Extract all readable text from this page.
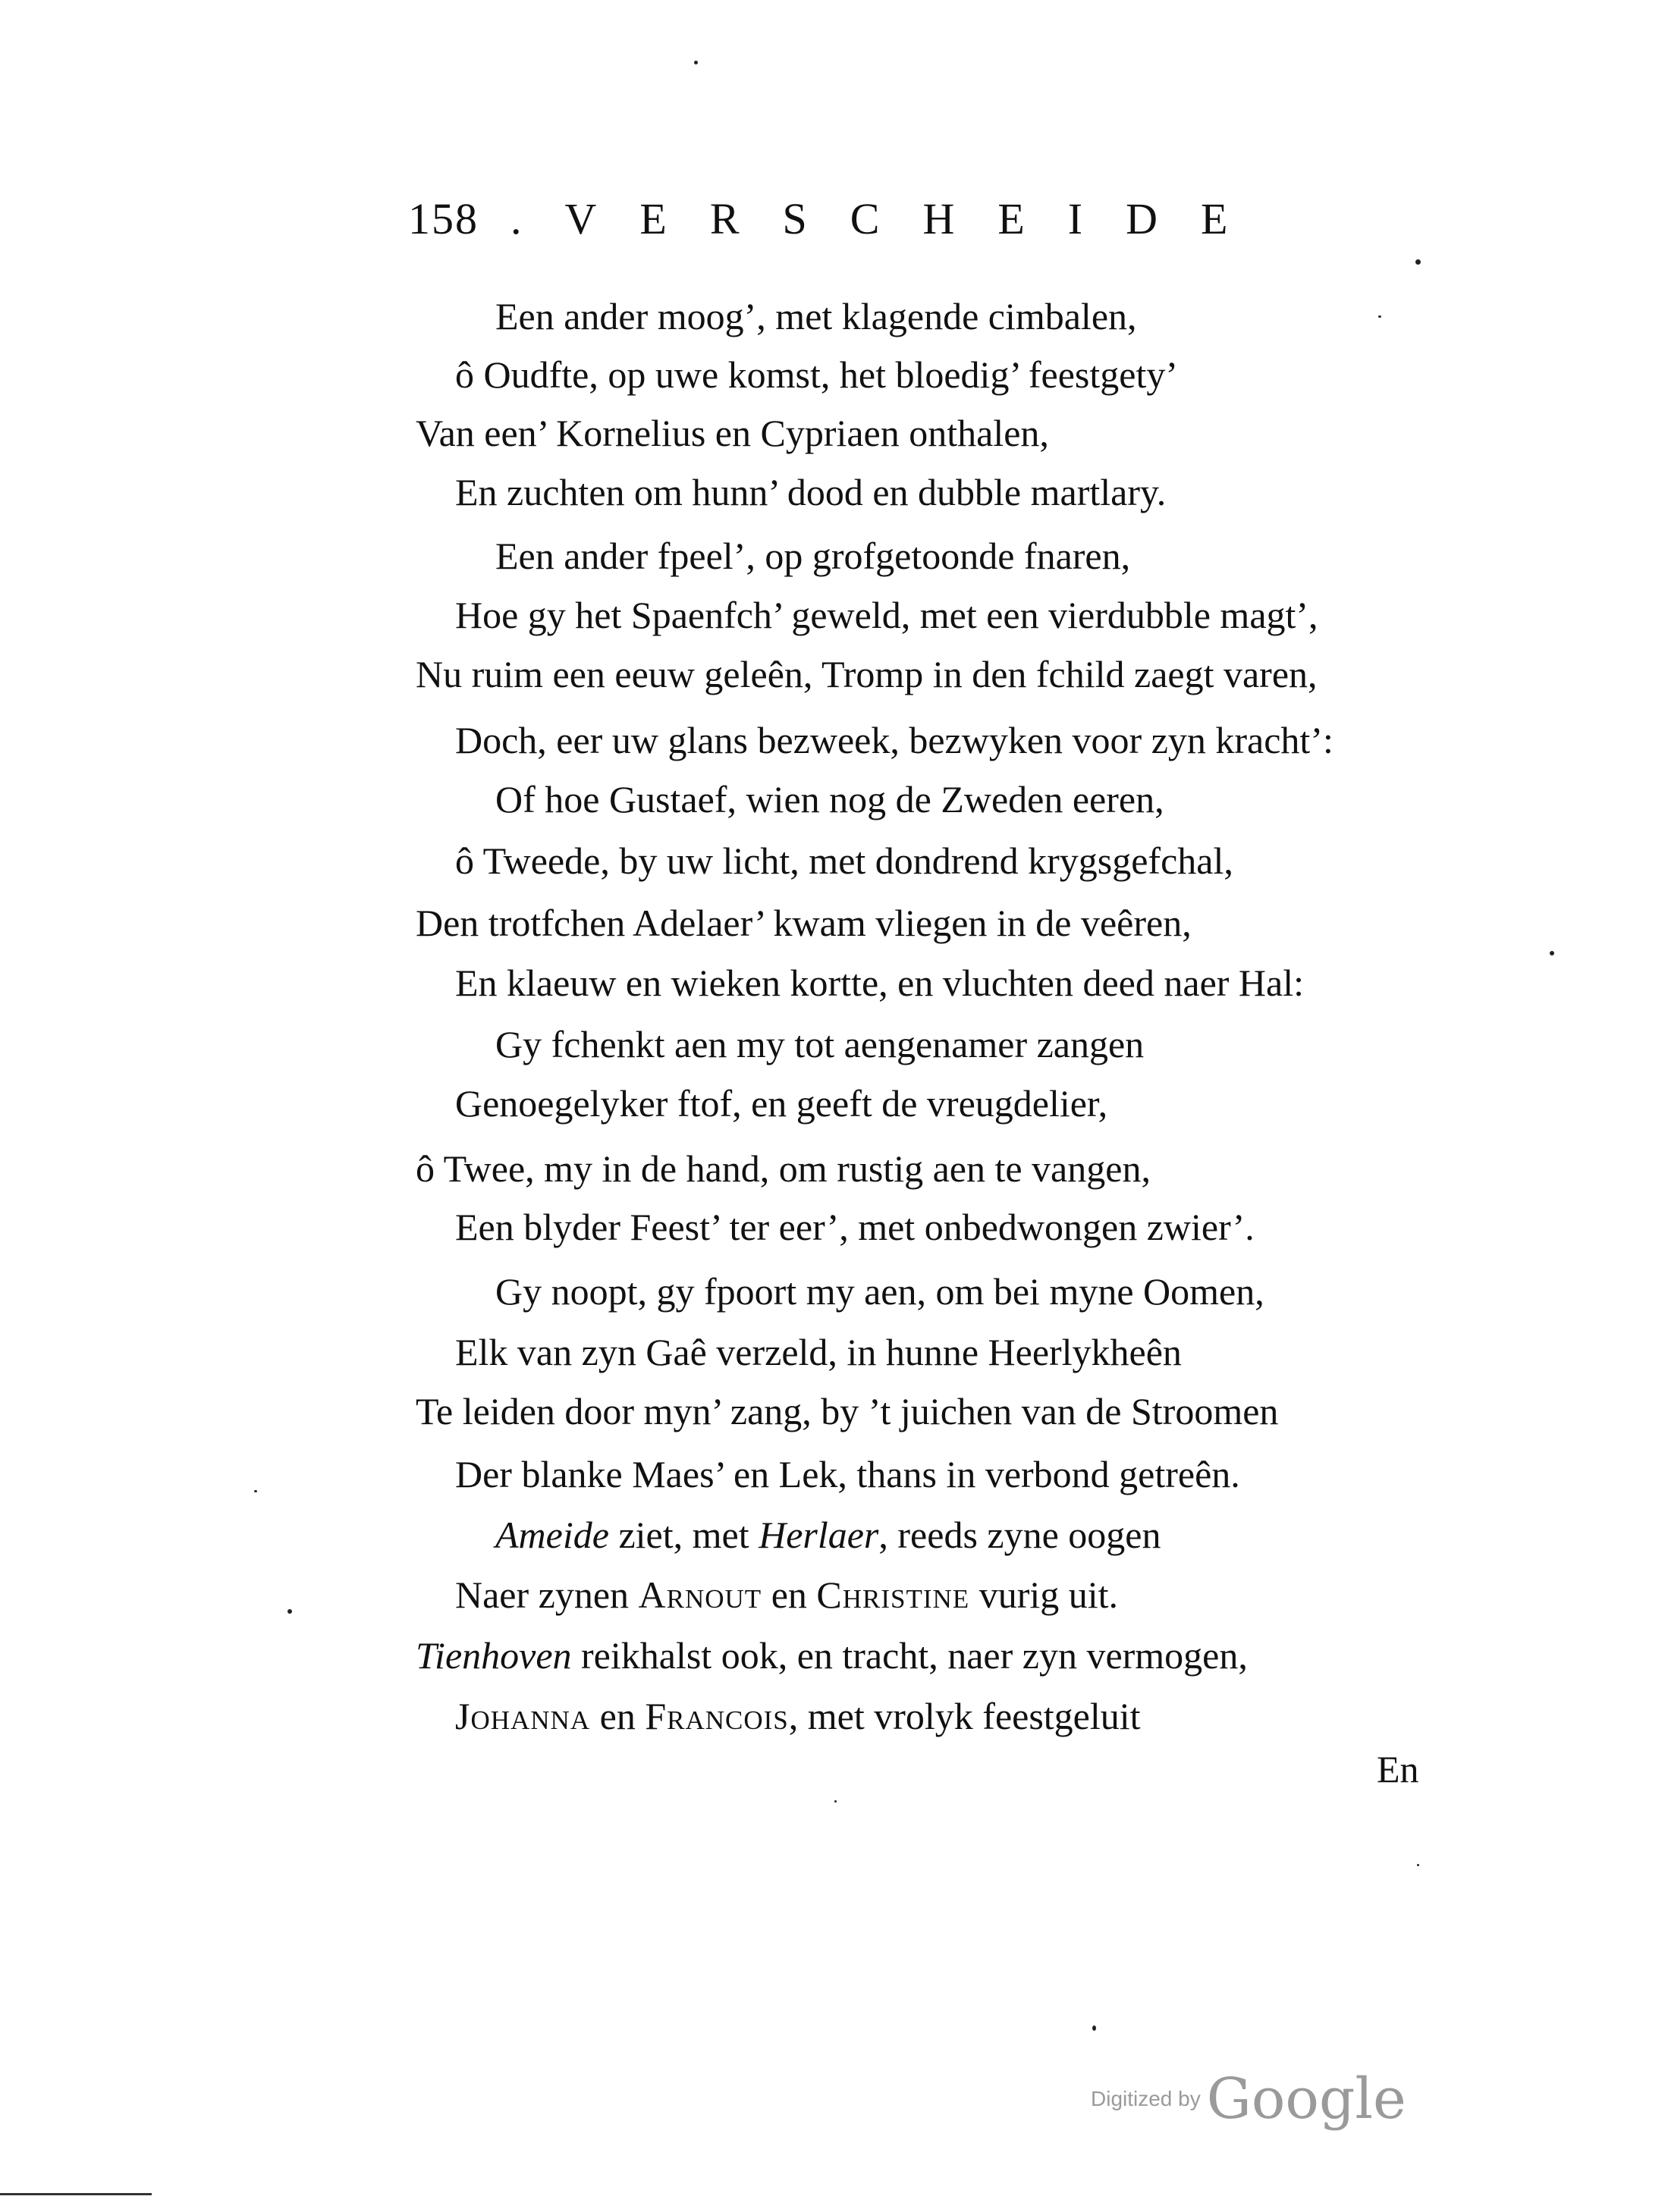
158 .VERSCHEIDE
Een ander moog’, met klagende cimbalen,
ô Oudfte, op uwe komst, het bloedig’ feestgety’
Van een’ Kornelius en Cypriaen onthalen,
En zuchten om hunn’ dood en dubble martlary.
Een ander fpeel’, op grofgetoonde fnaren,
Hoe gy het Spaenfch’ geweld, met een vierdubble magt’,
Nu ruim een eeuw geleên, Tromp in den fchild zaegt varen,
Doch, eer uw glans bezweek, bezwyken voor zyn kracht’:
Of hoe Gustaef, wien nog de Zweden eeren,
ô Tweede, by uw licht, met dondrend krygsgefchal,
Den trotfchen Adelaer’ kwam vliegen in de veêren,
En klaeuw en wieken kortte, en vluchten deed naer Hal:
Gy fchenkt aen my tot aengenamer zangen
Genoegelyker ftof, en geeft de vreugdelier,
ô Twee, my in de hand, om rustig aen te vangen,
Een blyder Feest’ ter eer’, met onbedwongen zwier’.
Gy noopt, gy fpoort my aen, om bei myne Oomen,
Elk van zyn Gaê verzeld, in hunne Heerlykheên
Te leiden door myn’ zang, by ’t juichen van de Stroomen
Der blanke Maes’ en Lek, thans in verbond getreên.
Ameide ziet, met Herlaer, reeds zyne oogen
Naer zynen Arnout en Christine vurig uit.
Tienhoven reikhalst ook, en tracht, naer zyn vermogen,
Johanna en Francois, met vrolyk feestgeluit
En
Digitized by Google
